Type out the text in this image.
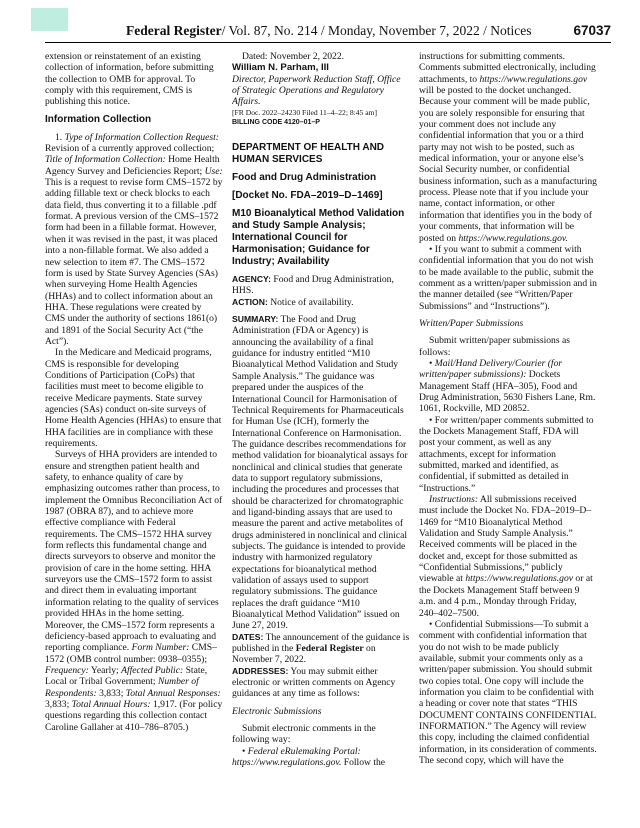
Federal Register/ Vol. 87, No. 214 / Monday, November 7, 2022 / Notices	67037

extension or reinstatement of an existing collection of information, before submitting the collection to OMB for approval. To comply with this requirement, CMS is publishing this notice.

Information Collection

1. Type of Information Collection Request: Revision of a currently approved collection; Title of Information Collection: Home Health Agency Survey and Deficiencies Report; Use: This is a request to revise form CMS–1572 by adding fillable text or check blocks to each data field, thus converting it to a fillable .pdf format. A previous version of the CMS–1572 form had been in a fillable format. However, when it was revised in the past, it was placed into a non-fillable format. We also added a new selection to item #7. The CMS–1572 form is used by State Survey Agencies (SAs) when surveying Home Health Agencies (HHAs) and to collect information about an HHA. These regulations were created by CMS under the authority of sections 1861(o) and 1891 of the Social Security Act (“the Act”).

In the Medicare and Medicaid programs, CMS is responsible for developing Conditions of Participation (CoPs) that facilities must meet to become eligible to receive Medicare payments. State survey agencies (SAs) conduct on-site surveys of Home Health Agencies (HHAs) to ensure that HHA facilities are in compliance with these requirements.

Surveys of HHA providers are intended to ensure and strengthen patient health and safety, to enhance quality of care by emphasizing outcomes rather than process, to implement the Omnibus Reconciliation Act of 1987 (OBRA 87), and to achieve more effective compliance with Federal requirements. The CMS–1572 HHA survey form reflects this fundamental change and directs surveyors to observe and monitor the provision of care in the home setting. HHA surveyors use the CMS–1572 form to assist and direct them in evaluating important information relating to the quality of services provided HHAs in the home setting. Moreover, the CMS–1572 form represents a deficiency-based approach to evaluating and reporting compliance. Form Number: CMS–1572 (OMB control number: 0938–0355); Frequency: Yearly; Affected Public: State, Local or Tribal Government; Number of Respondents: 3,833; Total Annual Responses: 3,833; Total Annual Hours: 1,917. (For policy questions regarding this collection contact Caroline Gallaher at 410–786–8705.)

Dated: November 2, 2022.

William N. Parham, III

Director, Paperwork Reduction Staff, Office of Strategic Operations and Regulatory Affairs.

[FR Doc. 2022–24230 Filed 11–4–22; 8:45 am]

BILLING CODE 4120–01–P

DEPARTMENT OF HEALTH AND HUMAN SERVICES

Food and Drug Administration

[Docket No. FDA–2019–D–1469]

M10 Bioanalytical Method Validation and Study Sample Analysis; International Council for Harmonisation; Guidance for Industry; Availability

AGENCY: Food and Drug Administration, HHS.

ACTION: Notice of availability.

SUMMARY: The Food and Drug Administration (FDA or Agency) is announcing the availability of a final guidance for industry entitled “M10 Bioanalytical Method Validation and Study Sample Analysis.” The guidance was prepared under the auspices of the International Council for Harmonisation of Technical Requirements for Pharmaceuticals for Human Use (ICH), formerly the International Conference on Harmonisation. The guidance describes recommendations for method validation for bioanalytical assays for nonclinical and clinical studies that generate data to support regulatory submissions, including the procedures and processes that should be characterized for chromatographic and ligand-binding assays that are used to measure the parent and active metabolites of drugs administered in nonclinical and clinical subjects. The guidance is intended to provide industry with harmonized regulatory expectations for bioanalytical method validation of assays used to support regulatory submissions. The guidance replaces the draft guidance “M10 Bioanalytical Method Validation” issued on June 27, 2019.

DATES: The announcement of the guidance is published in the Federal Register on November 7, 2022.

ADDRESSES: You may submit either electronic or written comments on Agency guidances at any time as follows:

Electronic Submissions

Submit electronic comments in the following way:

• Federal eRulemaking Portal: https://www.regulations.gov. Follow the

instructions for submitting comments. Comments submitted electronically, including attachments, to https://www.regulations.gov will be posted to the docket unchanged. Because your comment will be made public, you are solely responsible for ensuring that your comment does not include any confidential information that you or a third party may not wish to be posted, such as medical information, your or anyone else’s Social Security number, or confidential business information, such as a manufacturing process. Please note that if you include your name, contact information, or other information that identifies you in the body of your comments, that information will be posted on https://www.regulations.gov.

• If you want to submit a comment with confidential information that you do not wish to be made available to the public, submit the comment as a written/paper submission and in the manner detailed (see “Written/Paper Submissions” and “Instructions”).

Written/Paper Submissions

Submit written/paper submissions as follows:

• Mail/Hand Delivery/Courier (for written/paper submissions): Dockets Management Staff (HFA–305), Food and Drug Administration, 5630 Fishers Lane, Rm. 1061, Rockville, MD 20852.

• For written/paper comments submitted to the Dockets Management Staff, FDA will post your comment, as well as any attachments, except for information submitted, marked and identified, as confidential, if submitted as detailed in “Instructions.”

Instructions: All submissions received must include the Docket No. FDA–2019–D–1469 for “M10 Bioanalytical Method Validation and Study Sample Analysis.” Received comments will be placed in the docket and, except for those submitted as “Confidential Submissions,” publicly viewable at https://www.regulations.gov or at the Dockets Management Staff between 9 a.m. and 4 p.m., Monday through Friday, 240–402–7500.

• Confidential Submissions—To submit a comment with confidential information that you do not wish to be made publicly available, submit your comments only as a written/paper submission. You should submit two copies total. One copy will include the information you claim to be confidential with a heading or cover note that states “THIS DOCUMENT CONTAINS CONFIDENTIAL INFORMATION.” The Agency will review this copy, including the claimed confidential information, in its consideration of comments. The second copy, which will have the
